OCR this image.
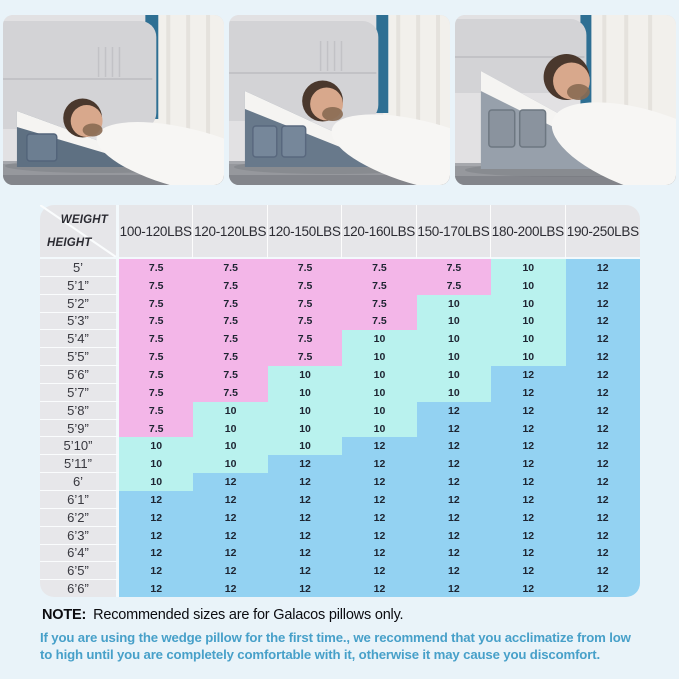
WEIGHT
HEIGHT	100-120LBS	120-120LBS	120-150LBS	120-160LBS	150-170LBS	180-200LBS	190-250LBS
5’	7.5	7.5	7.5	7.5	7.5	10	12
5’1”	7.5	7.5	7.5	7.5	7.5	10	12
5’2”	7.5	7.5	7.5	7.5	10	10	12
5’3”	7.5	7.5	7.5	7.5	10	10	12
5’4”	7.5	7.5	7.5	10	10	10	12
5’5”	7.5	7.5	7.5	10	10	10	12
5’6”	7.5	7.5	10	10	10	12	12
5’7”	7.5	7.5	10	10	10	12	12
5’8”	7.5	10	10	10	12	12	12
5’9”	7.5	10	10	10	12	12	12
5’10”	10	10	10	12	12	12	12
5’11”	10	10	12	12	12	12	12
6’	10	12	12	12	12	12	12
6’1”	12	12	12	12	12	12	12
6’2”	12	12	12	12	12	12	12
6’3”	12	12	12	12	12	12	12
6’4”	12	12	12	12	12	12	12
6’5”	12	12	12	12	12	12	12
6’6”	12	12	12	12	12	12	12
NOTE: Recommended sizes are for Galacos pillows only.

If you are using the wedge pillow for the first time., we recommend that you acclimatize from low to high until you are completely comfortable with it, otherwise it may cause you discomfort.
